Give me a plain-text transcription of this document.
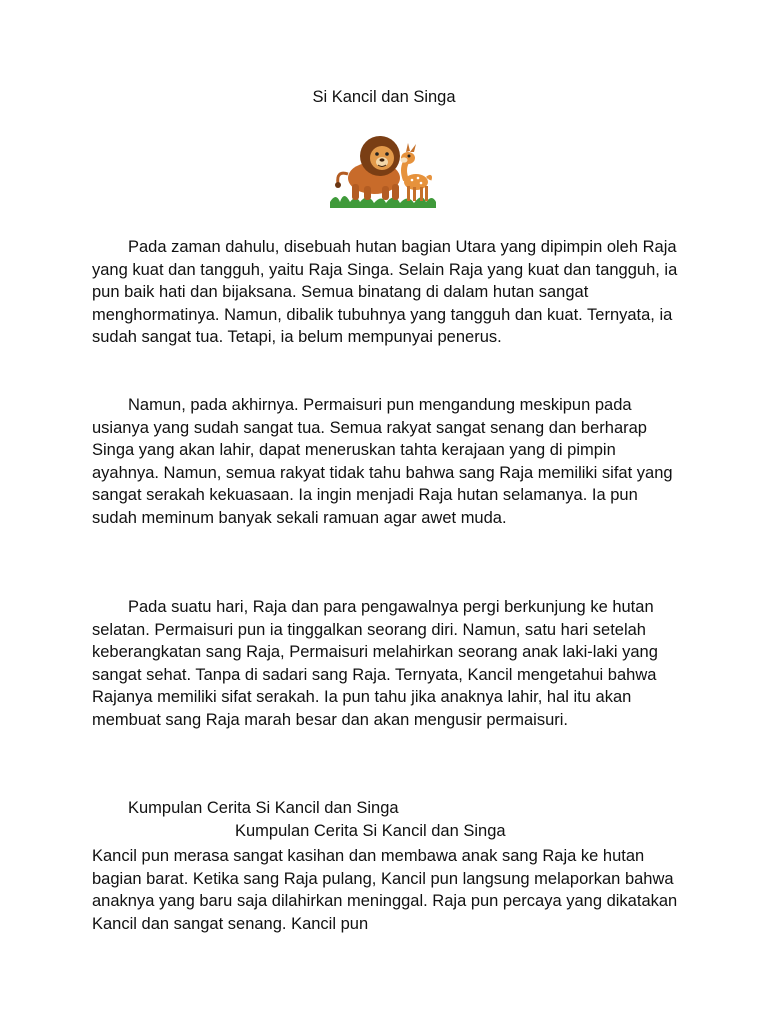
Si Kancil dan Singa

Pada zaman dahulu, disebuah hutan bagian Utara yang dipimpin oleh Raja yang kuat dan tangguh, yaitu Raja Singa. Selain Raja yang kuat dan tangguh, ia pun baik hati dan bijaksana. Semua binatang di dalam hutan sangat menghormatinya. Namun, dibalik tubuhnya yang tangguh dan kuat. Ternyata, ia sudah sangat tua. Tetapi, ia belum mempunyai penerus.

Namun, pada akhirnya. Permaisuri pun mengandung meskipun pada usianya yang sudah sangat tua. Semua rakyat sangat senang dan berharap Singa yang akan lahir, dapat meneruskan tahta kerajaan yang di pimpin ayahnya. Namun, semua rakyat tidak tahu bahwa sang Raja memiliki sifat yang sangat serakah kekuasaan. Ia ingin menjadi Raja hutan selamanya. Ia pun sudah meminum banyak sekali ramuan agar awet muda.

Pada suatu hari, Raja dan para pengawalnya pergi berkunjung ke hutan selatan. Permaisuri pun ia tinggalkan seorang diri. Namun, satu hari setelah keberangkatan sang Raja, Permaisuri melahirkan seorang anak laki-laki yang sangat sehat. Tanpa di sadari sang Raja. Ternyata, Kancil mengetahui bahwa Rajanya memiliki sifat serakah. Ia pun tahu jika anaknya lahir, hal itu akan membuat sang Raja marah besar dan akan mengusir permaisuri.

Kumpulan Cerita Si Kancil dan Singa
Kumpulan Cerita Si Kancil dan Singa

Kancil pun merasa sangat kasihan dan membawa anak sang Raja ke hutan bagian barat. Ketika sang Raja pulang, Kancil pun langsung melaporkan bahwa anaknya yang baru saja dilahirkan meninggal. Raja pun percaya yang dikatakan Kancil dan sangat senang. Kancil pun
